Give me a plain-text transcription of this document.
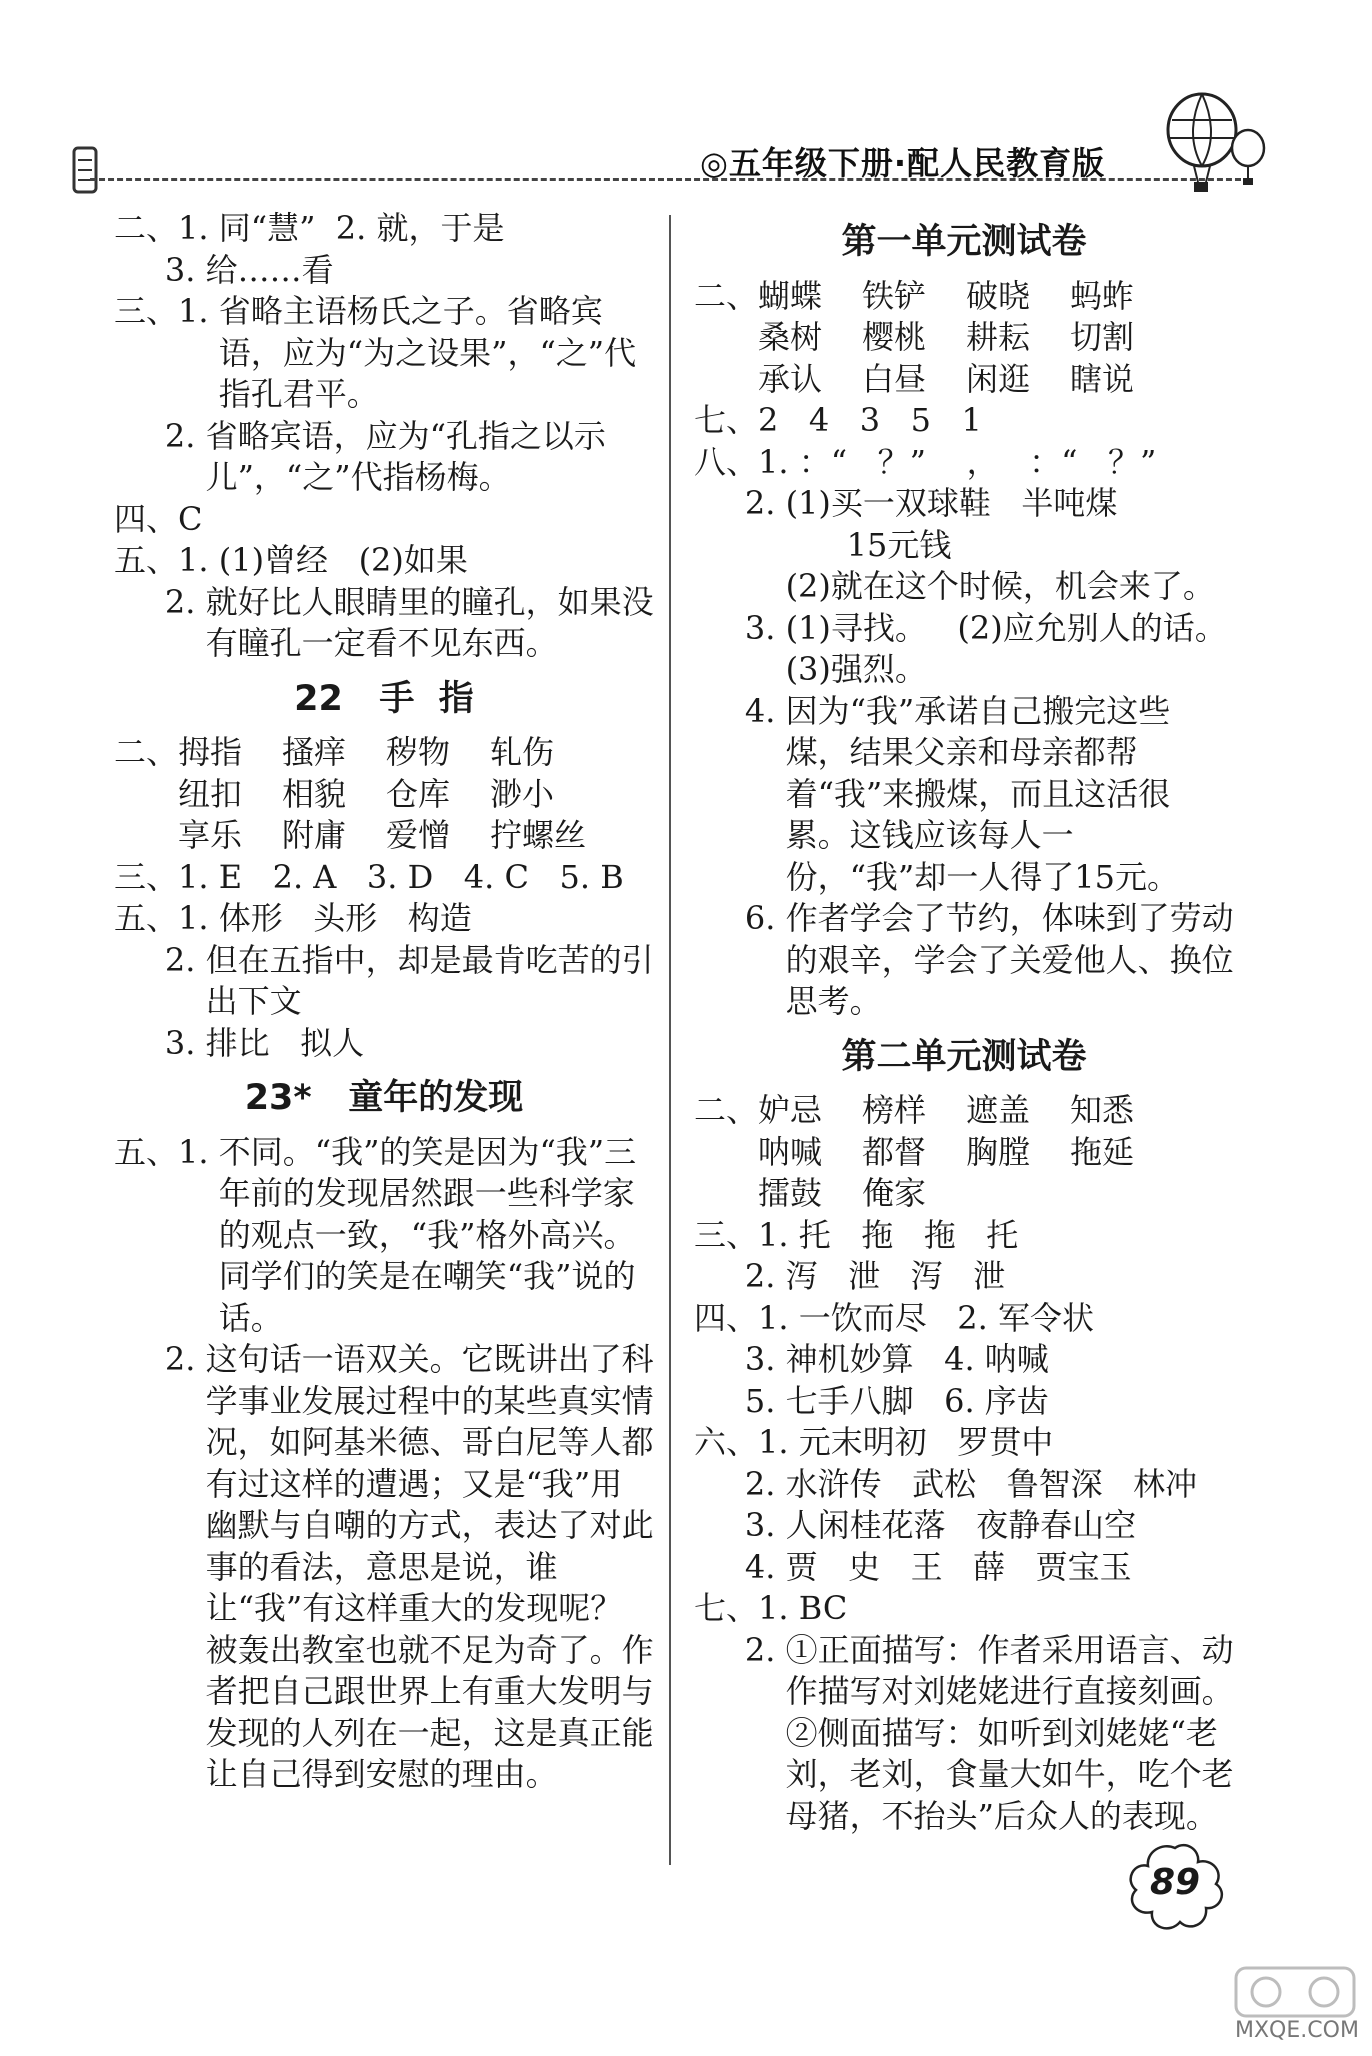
◎五年级下册·配人民教育版
二、1. 同“慧”  2. 就，于是

3. 给……看
三、1. 省略主语杨氏之子。省略宾语，应为“为之设果”，“之”代指孔君平。
2. 省略宾语，应为“孔指之以示儿”，“之”代指杨梅。
四、 C
五、1. (1)曾经   (2)如果
2. 就好比人眼睛里的瞳孔，如果没有瞳孔一定看不见东西。
22   手  指
二、 拇指	搔痒	秽物	轧伤
纽扣	相貌	仓库	渺小
享乐	附庸	爱憎	拧螺丝
三、 1. E   2. A   3. D   4. C   5. B
五、1. 体形   头形   构造
2. 但在五指中，却是最肯吃苦的引出下文
3. 排比   拟人
23*   童年的发现
五、1. 不同。“我”的笑是因为“我”三年前的发现居然跟一些科学家的观点一致，“我”格外高兴。同学们的笑是在嘲笑“我”说的话。
2. 这句话一语双关。它既讲出了科学事业发展过程中的某些真实情况，如阿基米德、哥白尼等人都有过这样的遭遇；又是“我”用幽默与自嘲的方式，表达了对此事的看法，意思是说，谁让“我”有这样重大的发现呢？被轰出教室也就不足为奇了。作者把自己跟世界上有重大发明与发现的人列在一起，这是真正能让自己得到安慰的理由。
第一单元测试卷
二、 蝴蝶	铁铲	破晓	蚂蚱
桑树	樱桃	耕耘	切割
承认	白昼	闲逛	瞎说
七、 2   4   3   5   1
八、1. ：“   ？”    ，   ：“   ？”
2. (1)买一双球鞋   半吨煤
15元钱
(2)就在这个时候，机会来了。
3. (1)寻找。   (2)应允别人的话。   (3)强烈。
4. 因为“我”承诺自己搬完这些煤，结果父亲和母亲都帮着“我”来搬煤，而且这活很累。这钱应该每人一份，“我”却一人得了15元。
6. 作者学会了节约，体味到了劳动的艰辛，学会了关爱他人、换位思考。
第二单元测试卷
二、 妒忌	榜样	遮盖	知悉
呐喊	都督	胸膛	拖延
擂鼓	俺家
三、1. 托   拖   拖   托
2. 泻   泄   泻   泄
四、1. 一饮而尽   2. 军令状
3. 神机妙算   4. 呐喊
5. 七手八脚   6. 序齿
六、1. 元末明初   罗贯中
2. 水浒传   武松   鲁智深   林冲
3. 人闲桂花落   夜静春山空
4. 贾   史   王   薛   贾宝玉
七、 1. BC
2. ①正面描写：作者采用语言、动作描写对刘姥姥进行直接刻画。②侧面描写：如听到刘姥姥“老刘，老刘，食量大如牛，吃个老母猪，不抬头”后众人的表现。
89
MXQE.COM
